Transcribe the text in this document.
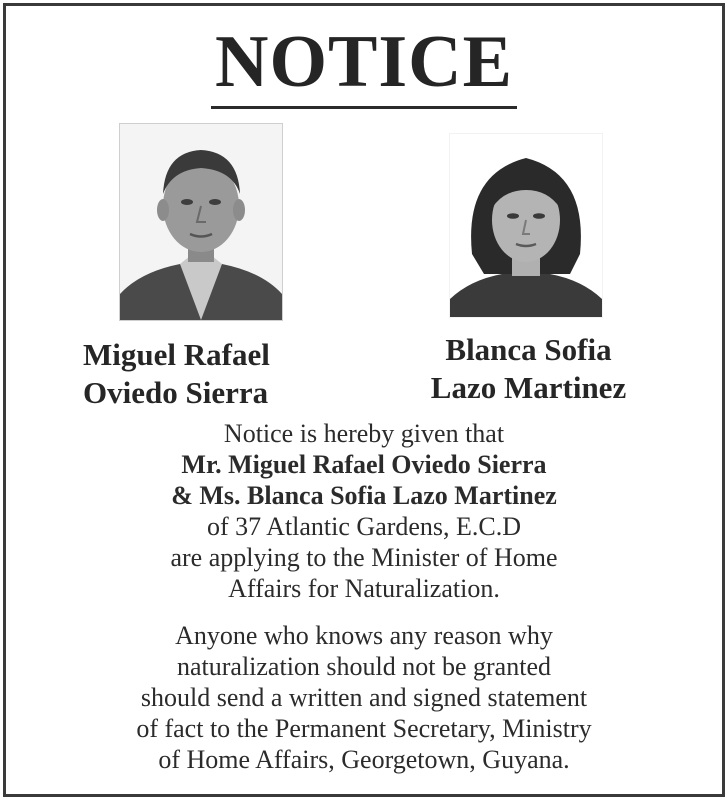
NOTICE
Miguel Rafael
Oviedo Sierra
Blanca Sofia
Lazo Martinez
Notice is hereby given that
Mr. Miguel Rafael Oviedo Sierra
& Ms. Blanca Sofia Lazo Martinez
of 37 Atlantic Gardens, E.C.D
are applying to the Minister of Home
Affairs for Naturalization.
Anyone who knows any reason why
naturalization should not be granted
should send a written and signed statement
of fact to the Permanent Secretary, Ministry
of Home Affairs, Georgetown, Guyana.
